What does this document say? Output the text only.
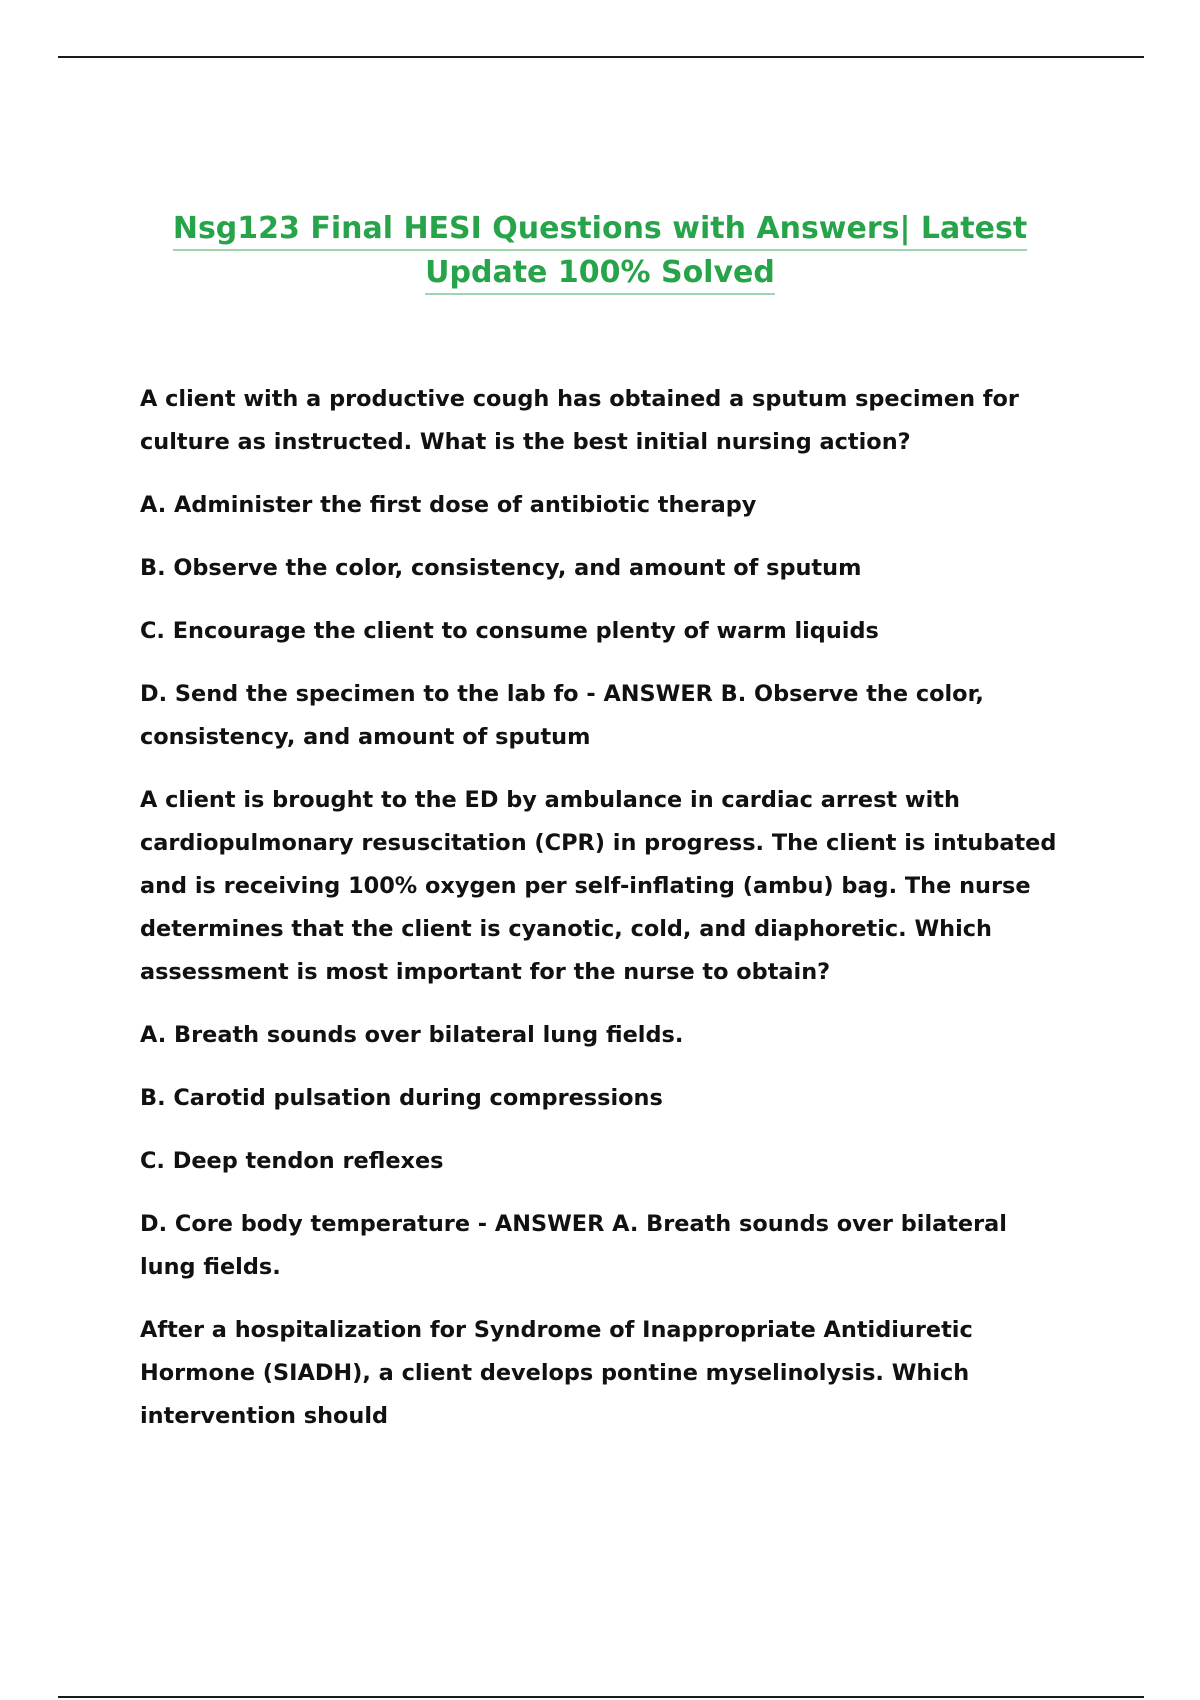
Nsg123 Final HESI Questions with Answers| Latest
Update 100% Solved

A client with a productive cough has obtained a sputum specimen for culture as instructed. What is the best initial nursing action?

A. Administer the first dose of antibiotic therapy

B. Observe the color, consistency, and amount of sputum

C. Encourage the client to consume plenty of warm liquids

D. Send the specimen to the lab fo - ANSWER B. Observe the color, consistency, and amount of sputum

A client is brought to the ED by ambulance in cardiac arrest with cardiopulmonary resuscitation (CPR) in progress. The client is intubated and is receiving 100% oxygen per self-inflating (ambu) bag. The nurse determines that the client is cyanotic, cold, and diaphoretic. Which assessment is most important for the nurse to obtain?

A. Breath sounds over bilateral lung fields.

B. Carotid pulsation during compressions

C. Deep tendon reflexes

D. Core body temperature - ANSWER A. Breath sounds over bilateral lung fields.

After a hospitalization for Syndrome of Inappropriate Antidiuretic Hormone (SIADH), a client develops pontine myselinolysis. Which intervention should
